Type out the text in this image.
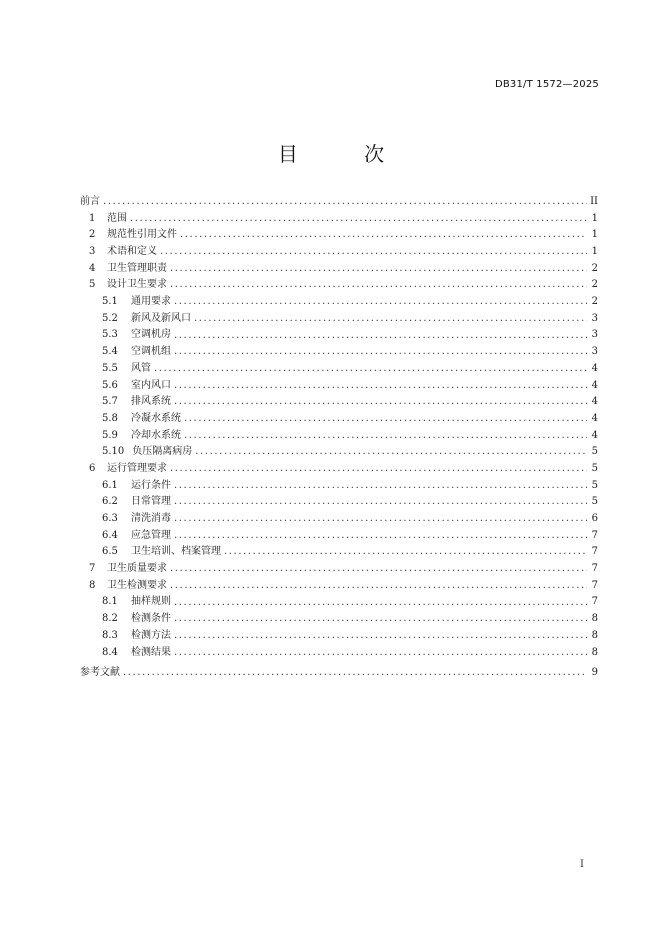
DB31/T 1572—2025
目 次
前言 .....	II
1	范围 .....	1
2	规范性引用文件 .....	1
3	术语和定义 .....	1
4	卫生管理职责 .....	2
5	设计卫生要求 .....	2
5.1	通用要求 .....	2
5.2	新风及新风口 .....	3
5.3	空调机房 .....	3
5.4	空调机组 .....	3
5.5	风管 .....	4
5.6	室内风口 .....	4
5.7	排风系统 .....	4
5.8	冷凝水系统 .....	4
5.9	冷却水系统 .....	4
5.10 负压隔离病房 .....	5
6	运行管理要求 .....	5
6.1	运行条件 .....	5
6.2	日常管理 .....	5
6.3	清洗消毒 .....	6
6.4	应急管理 .....	7
6.5	卫生培训、档案管理 .....	7
7	卫生质量要求 .....	7
8	卫生检测要求 .....	7
8.1	抽样规则 .....	7
8.2	检测条件 .....	8
8.3	检测方法 .....	8
8.4	检测结果 .....	8
参考文献 .....	9
I
